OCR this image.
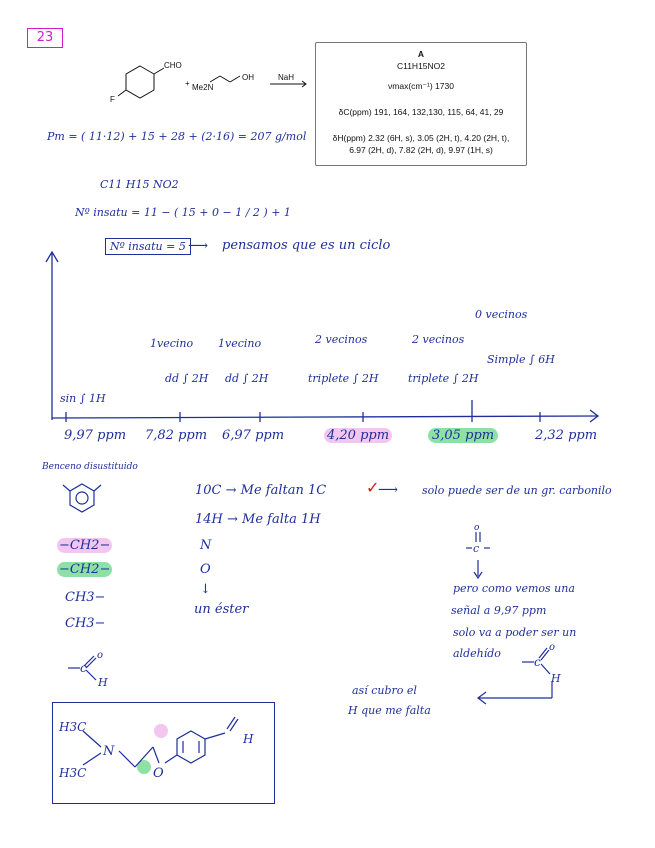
23
CHO
F
+ Me2N
OH	NaH
A
C11H15NO2
νmax(cm⁻¹) 1730
δC(ppm) 191, 164, 132,130, 115, 64, 41, 29
δH(ppm) 2.32 (6H, s), 3.05 (2H, t), 4.20 (2H, t),
6.97 (2H, d), 7.82 (2H, d), 9.97 (1H, s)
Pm = ( 11·12) + 15 + 28 + (2·16) = 207 g/mol
C11 H15 NO2
Nº insatu = 11 − ( 15 + 0 − 1 / 2 ) + 1
Nº insatu = 5 ⟶ pensamos que es un ciclo
sin ∫ 1H
1vecino
dd ∫ 2H
1vecino
dd ∫ 2H
2 vecinos
triplete ∫ 2H
2 vecinos
triplete ∫ 2H
0 vecinos
Simple ∫ 6H
9,97 ppm 7,82 ppm 6,97 ppm	4,20 ppm	3,05 ppm	2,32 ppm
Benceno disustituido
−CH2−
−CH2−
CH3−
CH3−
c
o
H
10C → Me faltan 1C ✓
⟶ solo puede ser de un gr. carbonilo
o
c
14H → Me falta 1H
N
O
↓
un éster
pero como vemos una
señal a 9,97 ppm
solo va a poder ser un
aldehído
c
o
H
así cubro el
H que me falta
H3C
H3C
N
O
H
